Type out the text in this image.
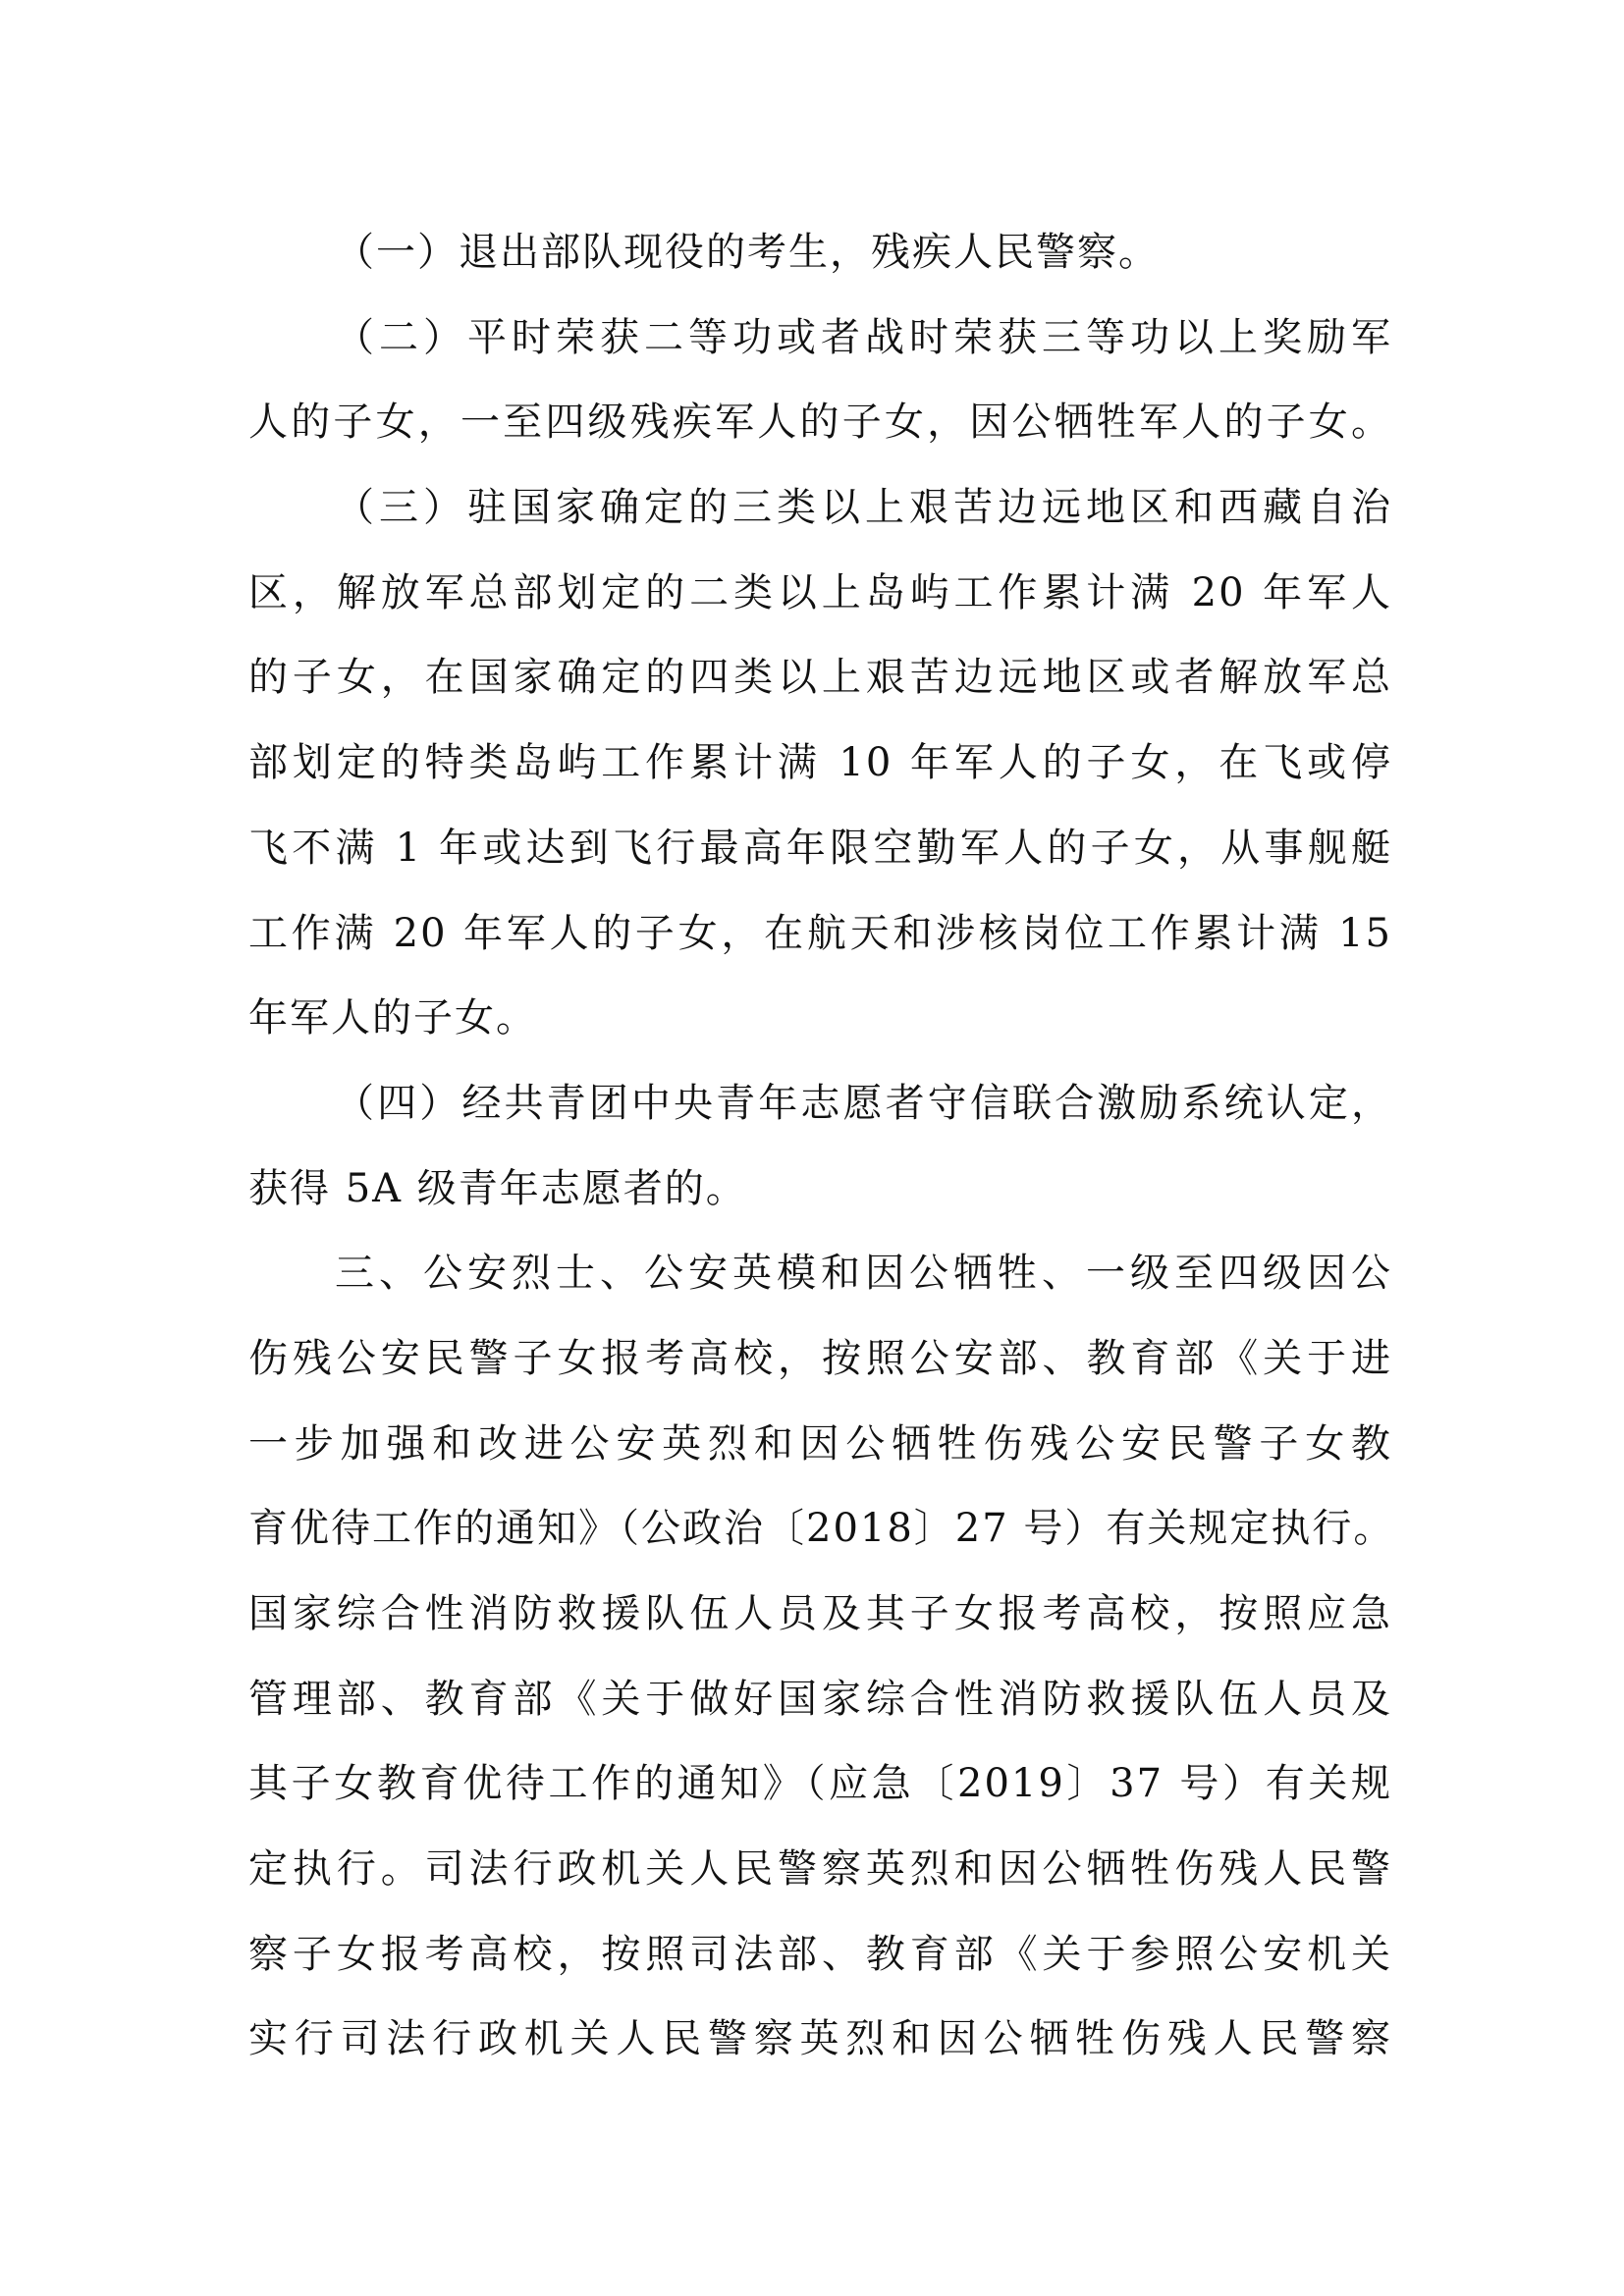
（一）退出部队现役的考生，残疾人民警察。
（二）平时荣获二等功或者战时荣获三等功以上奖励军
人的子女，一至四级残疾军人的子女，因公牺牲军人的子女。
（三）驻国家确定的三类以上艰苦边远地区和西藏自治
区，解放军总部划定的二类以上岛屿工作累计满 20 年军人
的子女，在国家确定的四类以上艰苦边远地区或者解放军总
部划定的特类岛屿工作累计满 10 年军人的子女，在飞或停
飞不满 1 年或达到飞行最高年限空勤军人的子女，从事舰艇
工作满 20 年军人的子女，在航天和涉核岗位工作累计满 15
年军人的子女。
（四）经共青团中央青年志愿者守信联合激励系统认定，
获得 5A 级青年志愿者的。
三、公安烈士、公安英模和因公牺牲、一级至四级因公
伤残公安民警子女报考高校，按照公安部、教育部《关于进
一步加强和改进公安英烈和因公牺牲伤残公安民警子女教
育优待工作的通知》（公政治〔2018〕27 号）有关规定执行。
国家综合性消防救援队伍人员及其子女报考高校，按照应急
管理部、教育部《关于做好国家综合性消防救援队伍人员及
其子女教育优待工作的通知》（应急〔2019〕37 号）有关规
定执行。司法行政机关人民警察英烈和因公牺牲伤残人民警
察子女报考高校，按照司法部、教育部《关于参照公安机关
实行司法行政机关人民警察英烈和因公牺牲伤残人民警察
